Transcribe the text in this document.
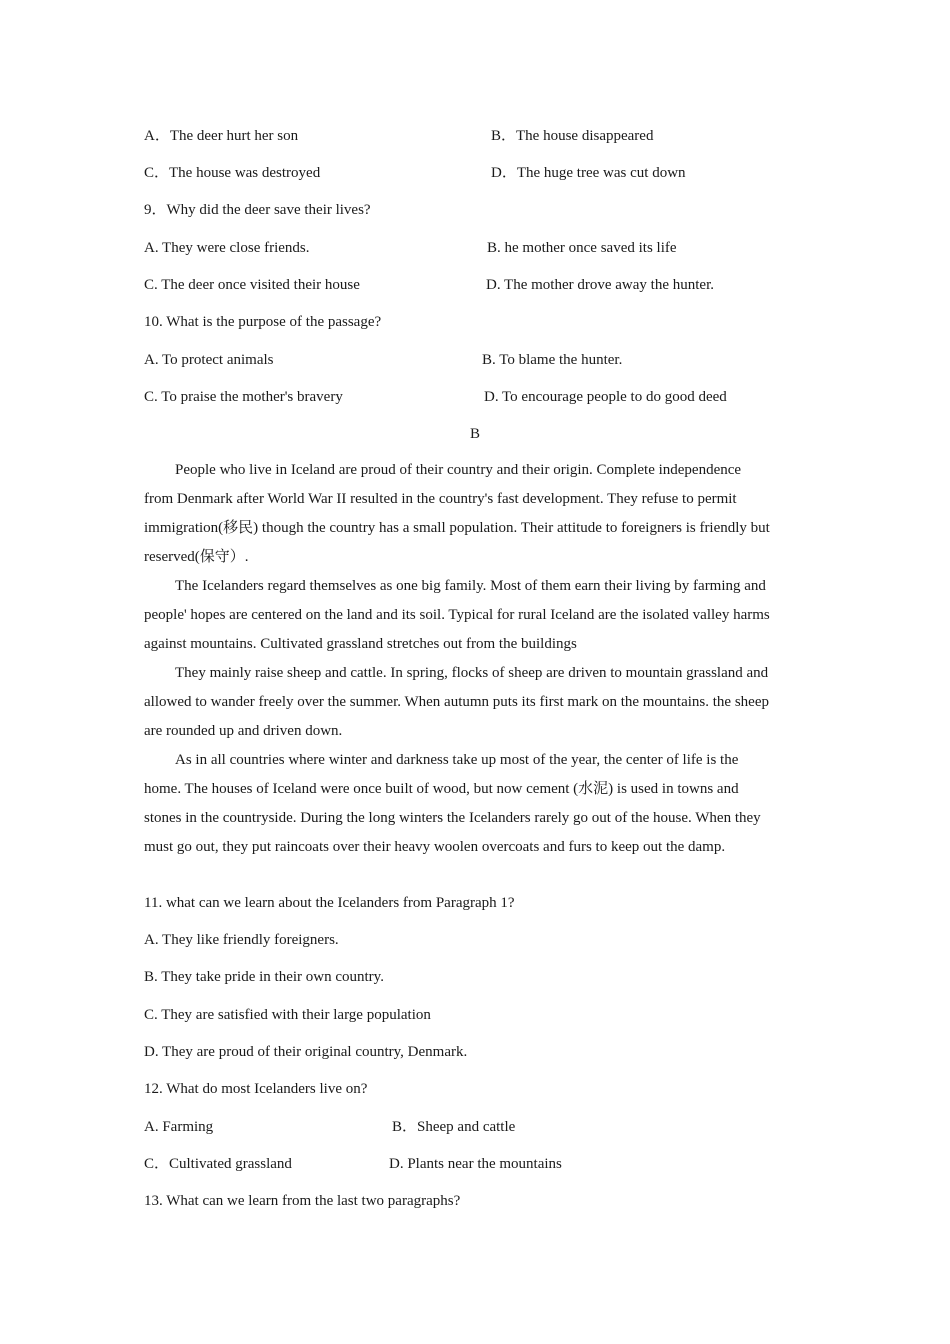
A．The deer hurt her son	B．The house disappeared
C．The house was destroyed	D．The huge tree was cut down
9．Why did the deer save their lives?
A. They were close friends.	B. he mother once saved its life
C. The deer once visited their house	D. The mother drove away the hunter.
10. What is the purpose of the passage?
A. To protect animals	B. To blame the hunter.
C. To praise the mother's bravery	D. To encourage people to do good deed
B

People who live in Iceland are proud of their country and their origin. Complete independence from Denmark after World War II resulted in the country's fast development. They refuse to permit immigration(移民) though the country has a small population. Their attitude to foreigners is friendly but reserved(保守）.

The Icelanders regard themselves as one big family. Most of them earn their living by farming and people' hopes are centered on the land and its soil. Typical for rural Iceland are the isolated valley harms against mountains. Cultivated grassland stretches out from the buildings

They mainly raise sheep and cattle. In spring, flocks of sheep are driven to mountain grassland and allowed to wander freely over the summer. When autumn puts its first mark on the mountains. the sheep are rounded up and driven down.

As in all countries where winter and darkness take up most of the year, the center of life is the home. The houses of Iceland were once built of wood, but now cement (水泥) is used in towns and stones in the countryside. During the long winters the Icelanders rarely go out of the house. When they must go out, they put raincoats over their heavy woolen overcoats and furs to keep out the damp.

11. what can we learn about the Icelanders from Paragraph 1?
A. They like friendly foreigners.
B. They take pride in their own country.
C. They are satisfied with their large population
D. They are proud of their original country, Denmark.
12. What do most Icelanders live on?
A. Farming	B．Sheep and cattle
C．Cultivated grassland	D. Plants near the mountains
13. What can we learn from the last two paragraphs?
